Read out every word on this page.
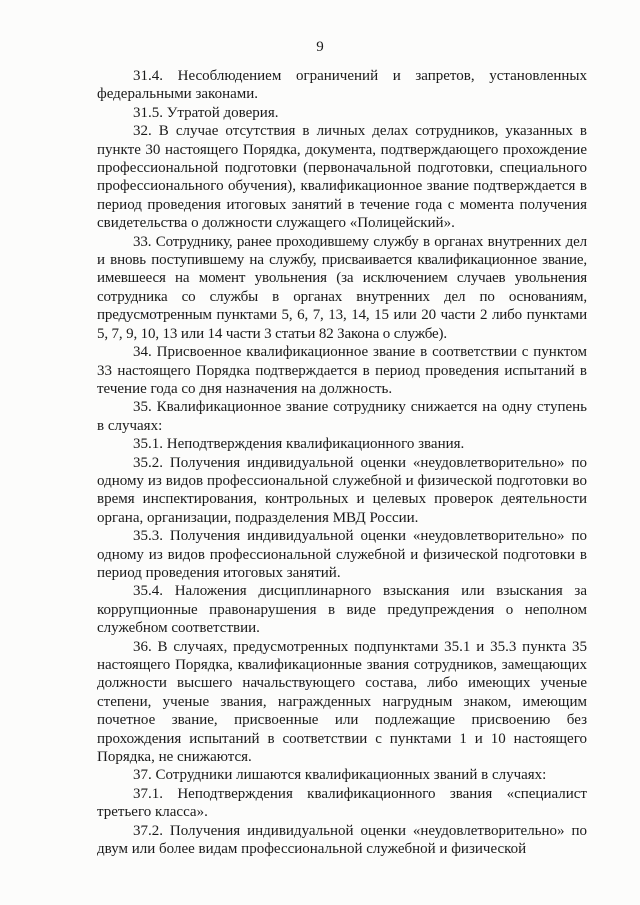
9

31.4. Несоблюдением ограничений и запретов, установленных федеральными законами.

31.5. Утратой доверия.

32. В случае отсутствия в личных делах сотрудников, указанных в пункте 30 настоящего Порядка, документа, подтверждающего прохождение профессиональной подготовки (первоначальной подготовки, специального профессионального обучения), квалификационное звание подтверждается в период проведения итоговых занятий в течение года с момента получения свидетельства о должности служащего «Полицейский».

33. Сотруднику, ранее проходившему службу в органах внутренних дел и вновь поступившему на службу, присваивается квалификационное звание, имевшееся на момент увольнения (за исключением случаев увольнения сотрудника со службы в органах внутренних дел по основаниям, предусмотренным пунктами 5, 6, 7, 13, 14, 15 или 20 части 2 либо пунктами 5, 7, 9, 10, 13 или 14 части 3 статьи 82 Закона о службе).

34. Присвоенное квалификационное звание в соответствии с пунктом 33 настоящего Порядка подтверждается в период проведения испытаний в течение года со дня назначения на должность.

35. Квалификационное звание сотруднику снижается на одну ступень в случаях:

35.1. Неподтверждения квалификационного звания.

35.2. Получения индивидуальной оценки «неудовлетворительно» по одному из видов профессиональной служебной и физической подготовки во время инспектирования, контрольных и целевых проверок деятельности органа, организации, подразделения МВД России.

35.3. Получения индивидуальной оценки «неудовлетворительно» по одному из видов профессиональной служебной и физической подготовки в период проведения итоговых занятий.

35.4. Наложения дисциплинарного взыскания или взыскания за коррупционные правонарушения в виде предупреждения о неполном служебном соответствии.

36. В случаях, предусмотренных подпунктами 35.1 и 35.3 пункта 35 настоящего Порядка, квалификационные звания сотрудников, замещающих должности высшего начальствующего состава, либо имеющих ученые степени, ученые звания, награжденных нагрудным знаком, имеющим почетное звание, присвоенные или подлежащие присвоению без прохождения испытаний в соответствии с пунктами 1 и 10 настоящего Порядка, не снижаются.

37. Сотрудники лишаются квалификационных званий в случаях:

37.1. Неподтверждения квалификационного звания «специалист третьего класса».

37.2. Получения индивидуальной оценки «неудовлетворительно» по двум или более видам профессиональной служебной и физической
